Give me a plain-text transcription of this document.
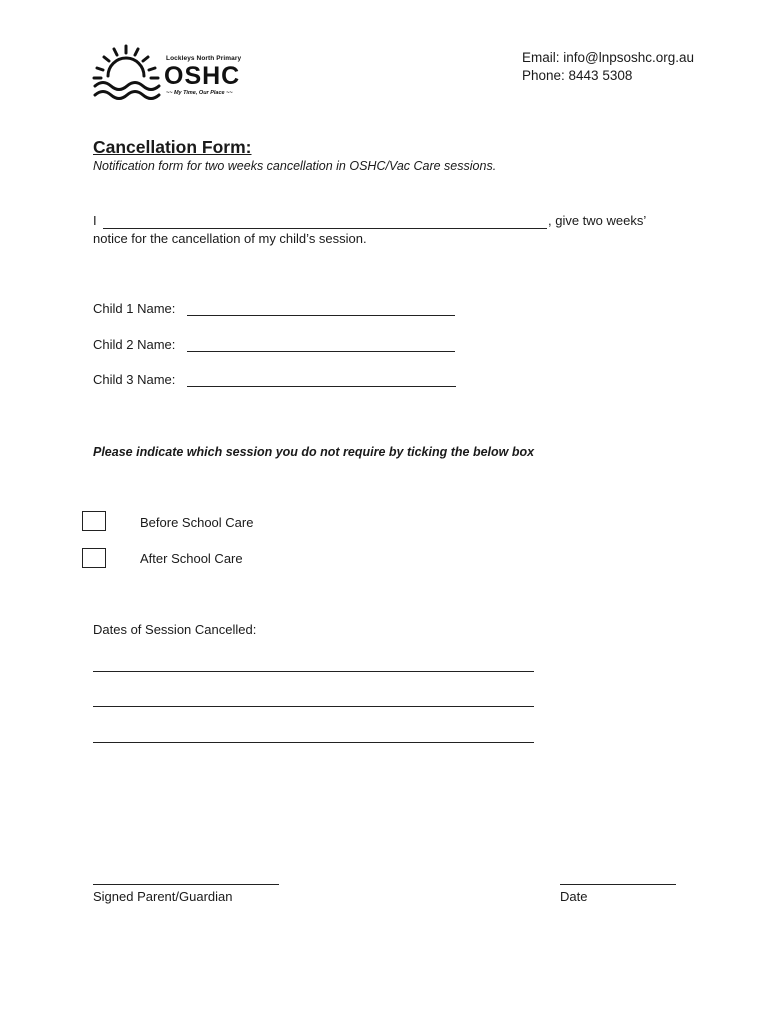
Lockleys North Primary
OSHC
~~ My Time, Our Place ~~
Email: info@lnpsoshc.org.au
Phone: 8443 5308
Cancellation Form:
Notification form for two weeks cancellation in OSHC/Vac Care sessions.
I	, give two weeks’
notice for the cancellation of my child’s session.
Child 1 Name:
Child 2 Name:
Child 3 Name:
Please indicate which session you do not require by ticking the below box
Before School Care
After School Care
Dates of Session Cancelled:
Signed Parent/Guardian	Date
